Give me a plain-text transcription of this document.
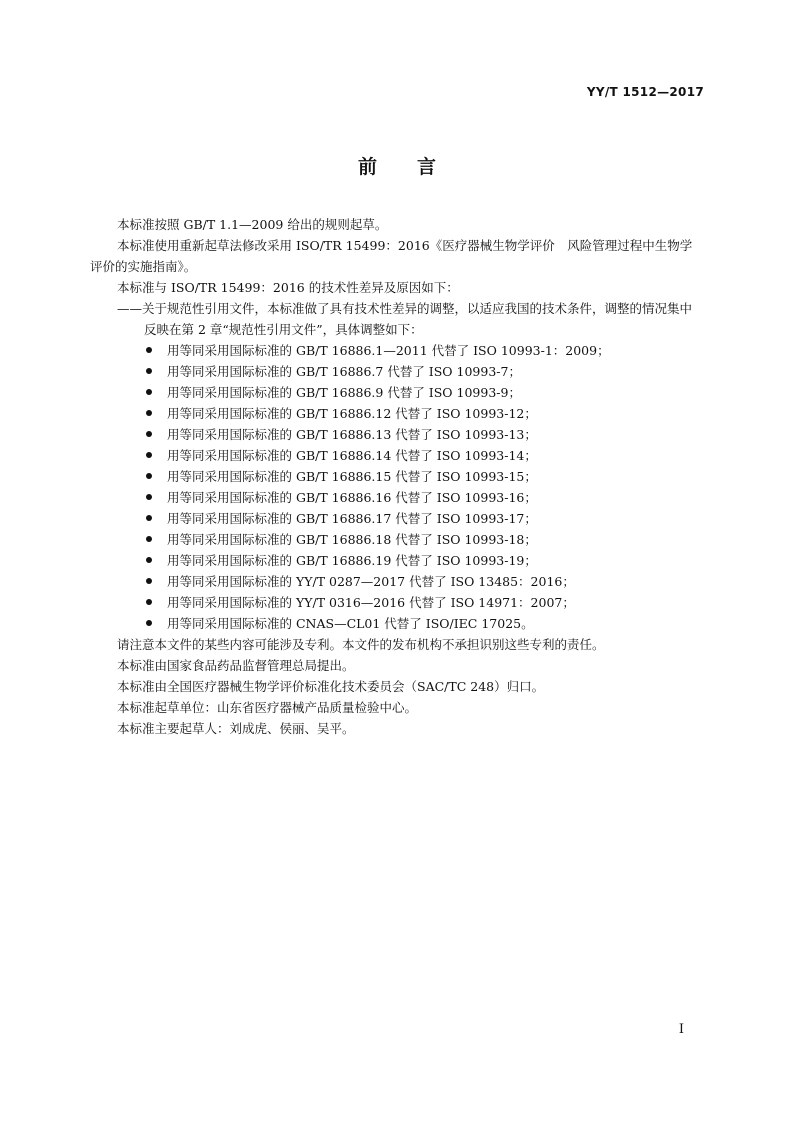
YY/T 1512—2017
前言

本标准按照 GB/T 1.1—2009 给出的规则起草。

本标准使用重新起草法修改采用 ISO/TR 15499：2016《医疗器械生物学评价　风险管理过程中生物学评价的实施指南》。

本标准与 ISO/TR 15499：2016 的技术性差异及原因如下：

——关于规范性引用文件，本标准做了具有技术性差异的调整，以适应我国的技术条件，调整的情况集中反映在第 2 章“规范性引用文件”，具体调整如下：

用等同采用国际标准的 GB/T 16886.1—2011 代替了 ISO 10993-1：2009；
用等同采用国际标准的 GB/T 16886.7 代替了 ISO 10993-7；
用等同采用国际标准的 GB/T 16886.9 代替了 ISO 10993-9；
用等同采用国际标准的 GB/T 16886.12 代替了 ISO 10993-12；
用等同采用国际标准的 GB/T 16886.13 代替了 ISO 10993-13；
用等同采用国际标准的 GB/T 16886.14 代替了 ISO 10993-14；
用等同采用国际标准的 GB/T 16886.15 代替了 ISO 10993-15；
用等同采用国际标准的 GB/T 16886.16 代替了 ISO 10993-16；
用等同采用国际标准的 GB/T 16886.17 代替了 ISO 10993-17；
用等同采用国际标准的 GB/T 16886.18 代替了 ISO 10993-18；
用等同采用国际标准的 GB/T 16886.19 代替了 ISO 10993-19；
用等同采用国际标准的 YY/T 0287—2017 代替了 ISO 13485：2016；
用等同采用国际标准的 YY/T 0316—2016 代替了 ISO 14971：2007；
用等同采用国际标准的 CNAS—CL01 代替了 ISO/IEC 17025。

请注意本文件的某些内容可能涉及专利。本文件的发布机构不承担识别这些专利的责任。

本标准由国家食品药品监督管理总局提出。

本标准由全国医疗器械生物学评价标准化技术委员会（SAC/TC 248）归口。

本标准起草单位：山东省医疗器械产品质量检验中心。

本标准主要起草人：刘成虎、侯丽、吴平。

I
